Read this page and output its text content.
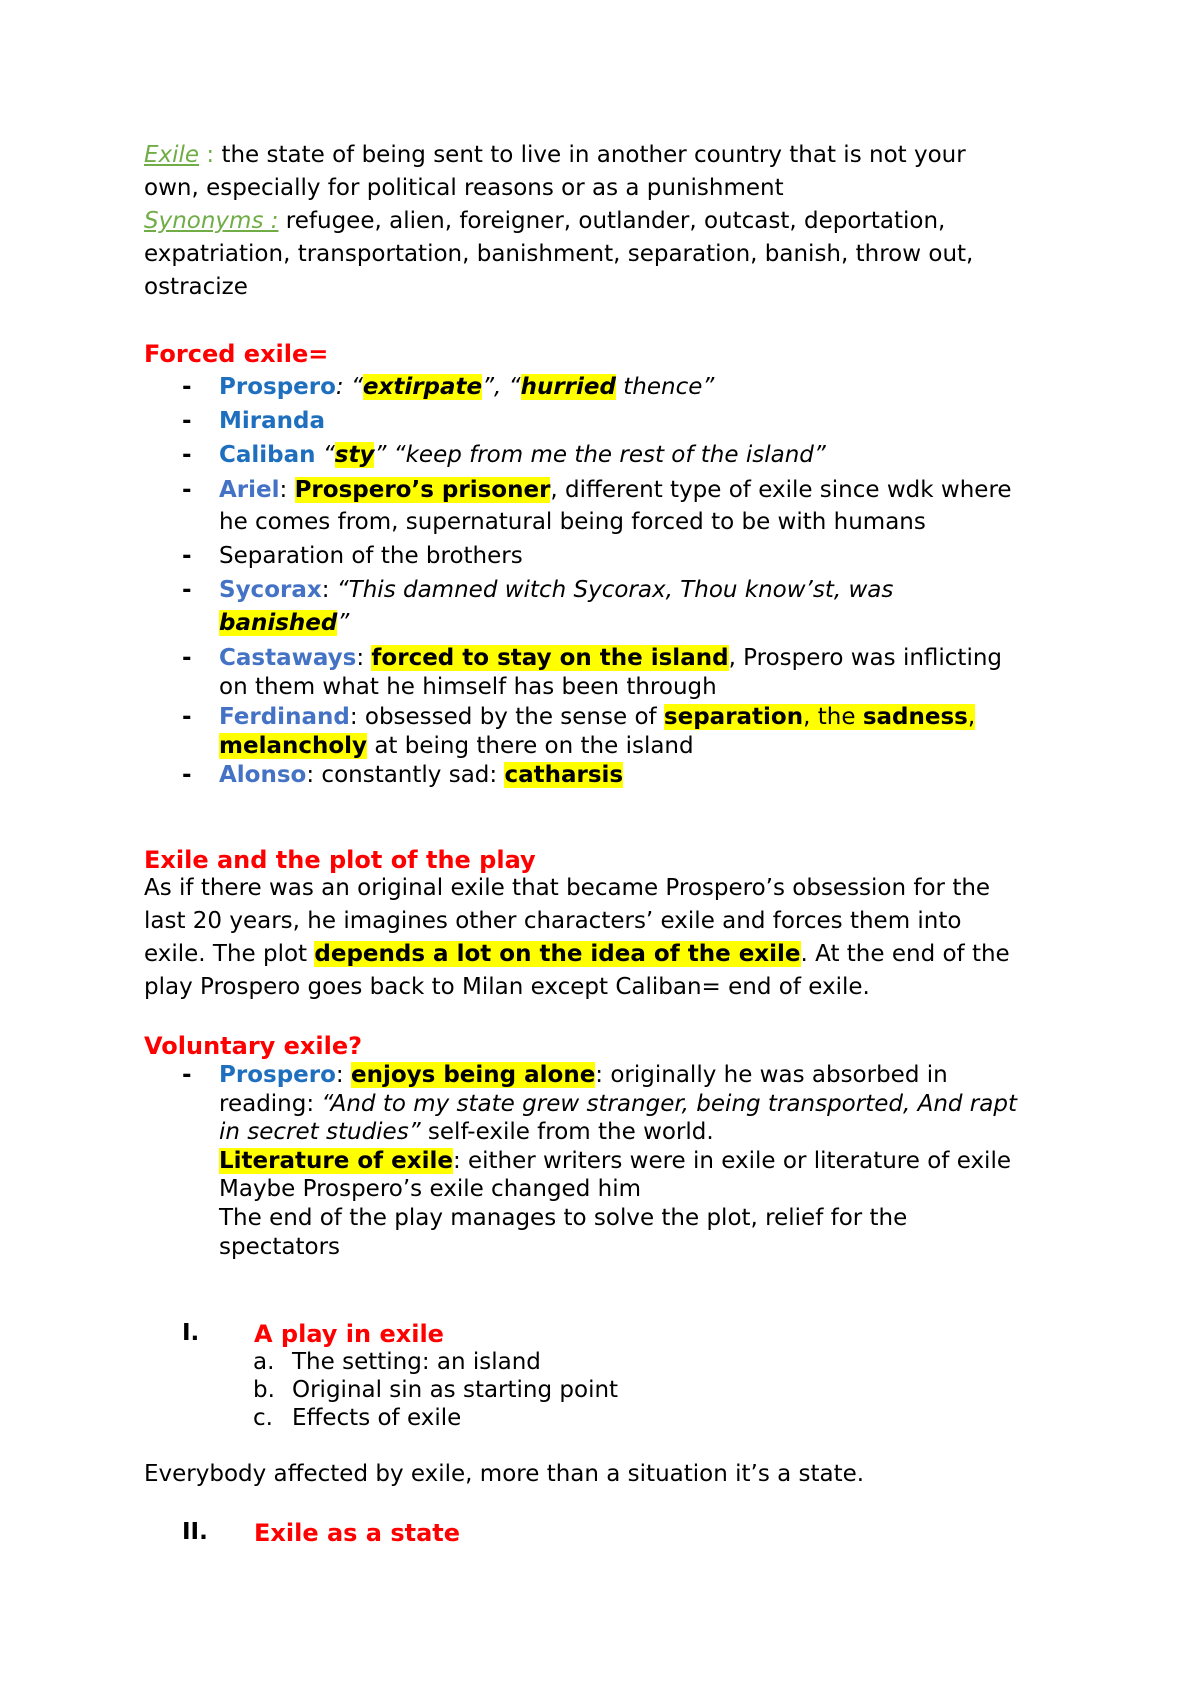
Exile : the state of being sent to live in another country that is not your
own, especially for political reasons or as a punishment
Synonyms : refugee, alien, foreigner, outlander, outcast, deportation,
expatriation, transportation, banishment, separation, banish, throw out,
ostracize
Forced exile=
- Prospero: “extirpate”, “hurried thence”
- Miranda
- Caliban “sty” “keep from me the rest of the island”
- Ariel: Prospero’s prisoner, different type of exile since wdk where
he comes from, supernatural being forced to be with humans
- Separation of the brothers
- Sycorax: “This damned witch Sycorax, Thou know’st, was
banished”
- Castaways: forced to stay on the island, Prospero was inflicting
on them what he himself has been through
- Ferdinand: obsessed by the sense of separation, the sadness,
melancholy at being there on the island
- Alonso: constantly sad: catharsis
Exile and the plot of the play
As if there was an original exile that became Prospero’s obsession for the
last 20 years, he imagines other characters’ exile and forces them into
exile. The plot depends a lot on the idea of the exile. At the end of the
play Prospero goes back to Milan except Caliban= end of exile.
Voluntary exile?
- Prospero: enjoys being alone: originally he was absorbed in
reading: “And to my state grew stranger, being transported, And rapt
in secret studies” self-exile from the world.
Literature of exile: either writers were in exile or literature of exile
Maybe Prospero’s exile changed him
The end of the play manages to solve the plot, relief for the
spectators
I. A play in exile
a. The setting: an island
b. Original sin as starting point
c. Effects of exile
Everybody affected by exile, more than a situation it’s a state.
II. Exile as a state
